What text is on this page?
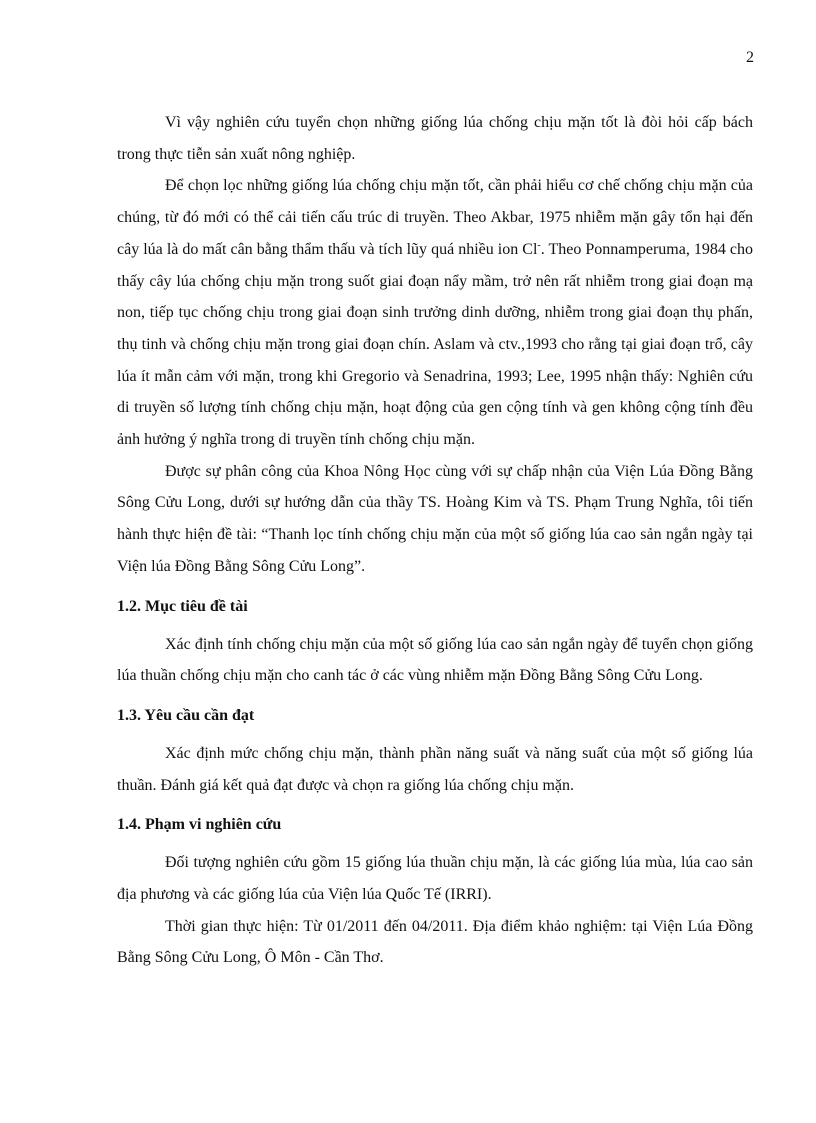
2

Vì vậy nghiên cứu tuyển chọn những giống lúa chống chịu mặn tốt là đòi hỏi cấp bách trong thực tiễn sản xuất nông nghiệp.

Để chọn lọc những giống lúa chống chịu mặn tốt, cần phải hiểu cơ chế chống chịu mặn của chúng, từ đó mới có thể cải tiến cấu trúc di truyền. Theo Akbar, 1975 nhiễm mặn gây tổn hại đến cây lúa là do mất cân bằng thẩm thấu và tích lũy quá nhiều ion Cl-. Theo Ponnamperuma, 1984 cho thấy cây lúa chống chịu mặn trong suốt giai đoạn nẩy mầm, trở nên rất nhiễm trong giai đoạn mạ non, tiếp tục chống chịu trong giai đoạn sinh trưởng dinh dưỡng, nhiễm trong giai đoạn thụ phấn, thụ tinh và chống chịu mặn trong giai đoạn chín. Aslam và ctv.,1993 cho rằng tại giai đoạn trổ, cây lúa ít mẫn cảm với mặn, trong khi Gregorio và Senadrina, 1993; Lee, 1995 nhận thấy: Nghiên cứu di truyền số lượng tính chống chịu mặn, hoạt động của gen cộng tính và gen không cộng tính đều ảnh hưởng ý nghĩa trong di truyền tính chống chịu mặn.

Được sự phân công của Khoa Nông Học cùng với sự chấp nhận của Viện Lúa Đồng Bằng Sông Cửu Long, dưới sự hướng dẫn của thầy TS. Hoàng Kim và TS. Phạm Trung Nghĩa, tôi tiến hành thực hiện đề tài: “Thanh lọc tính chống chịu mặn của một số giống lúa cao sản ngắn ngày tại Viện lúa Đồng Bằng Sông Cửu Long”.

1.2. Mục tiêu đề tài

Xác định tính chống chịu mặn của một số giống lúa cao sản ngắn ngày để tuyển chọn giống lúa thuần chống chịu mặn cho canh tác ở các vùng nhiễm mặn Đồng Bằng Sông Cửu Long.

1.3. Yêu cầu cần đạt

Xác định mức chống chịu mặn, thành phần năng suất và năng suất của một số giống lúa thuần. Đánh giá kết quả đạt được và chọn ra giống lúa chống chịu mặn.

1.4. Phạm vi nghiên cứu

Đối tượng nghiên cứu gồm 15 giống lúa thuần chịu mặn, là các giống lúa mùa, lúa cao sản địa phương và các giống lúa của Viện lúa Quốc Tế (IRRI).

Thời gian thực hiện: Từ 01/2011 đến 04/2011. Địa điểm khảo nghiệm: tại Viện Lúa Đồng Bằng Sông Cửu Long, Ô Môn - Cần Thơ.
